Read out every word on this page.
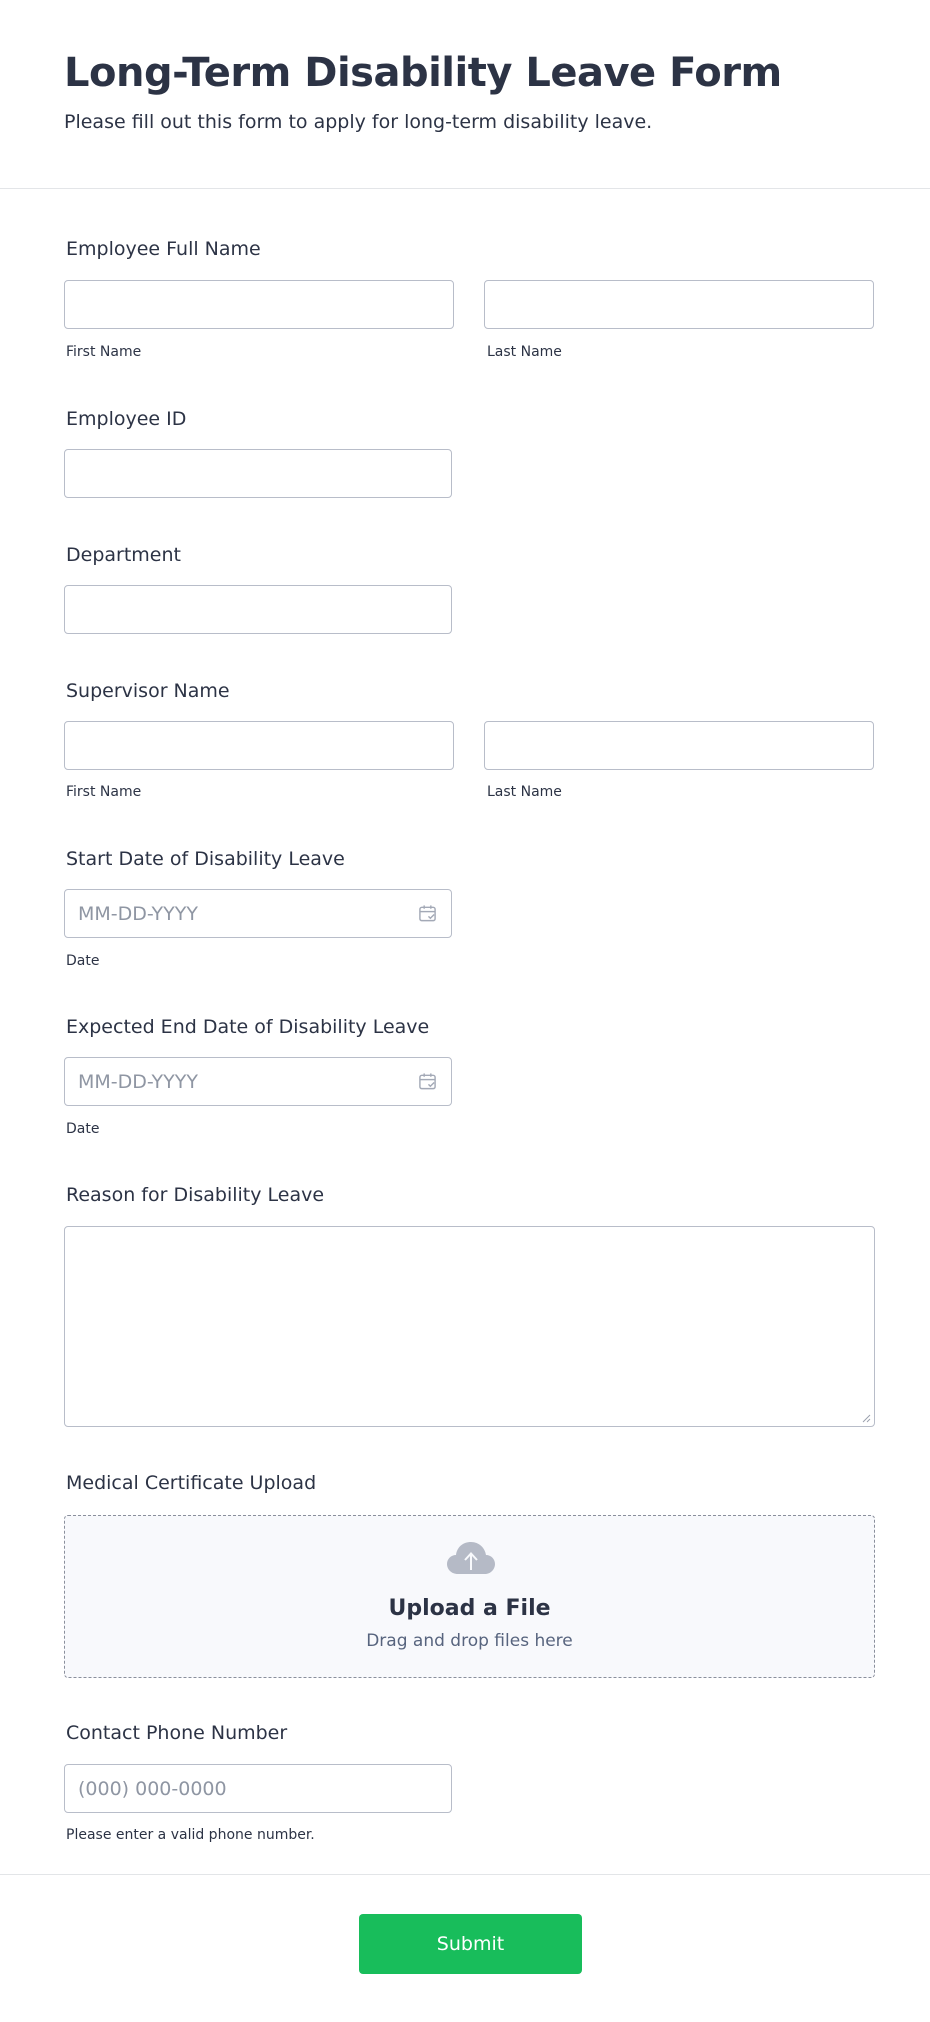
Long-Term Disability Leave Form
Please fill out this form to apply for long-term disability leave.
Employee Full Name
First Name	Last Name
Employee ID
Department
Supervisor Name
First Name	Last Name
Start Date of Disability Leave
MM-DD-YYYY
Date
Expected End Date of Disability Leave
MM-DD-YYYY
Date
Reason for Disability Leave
Medical Certificate Upload
Upload a File
Drag and drop files here
Contact Phone Number
(000) 000-0000
Please enter a valid phone number.
Submit
